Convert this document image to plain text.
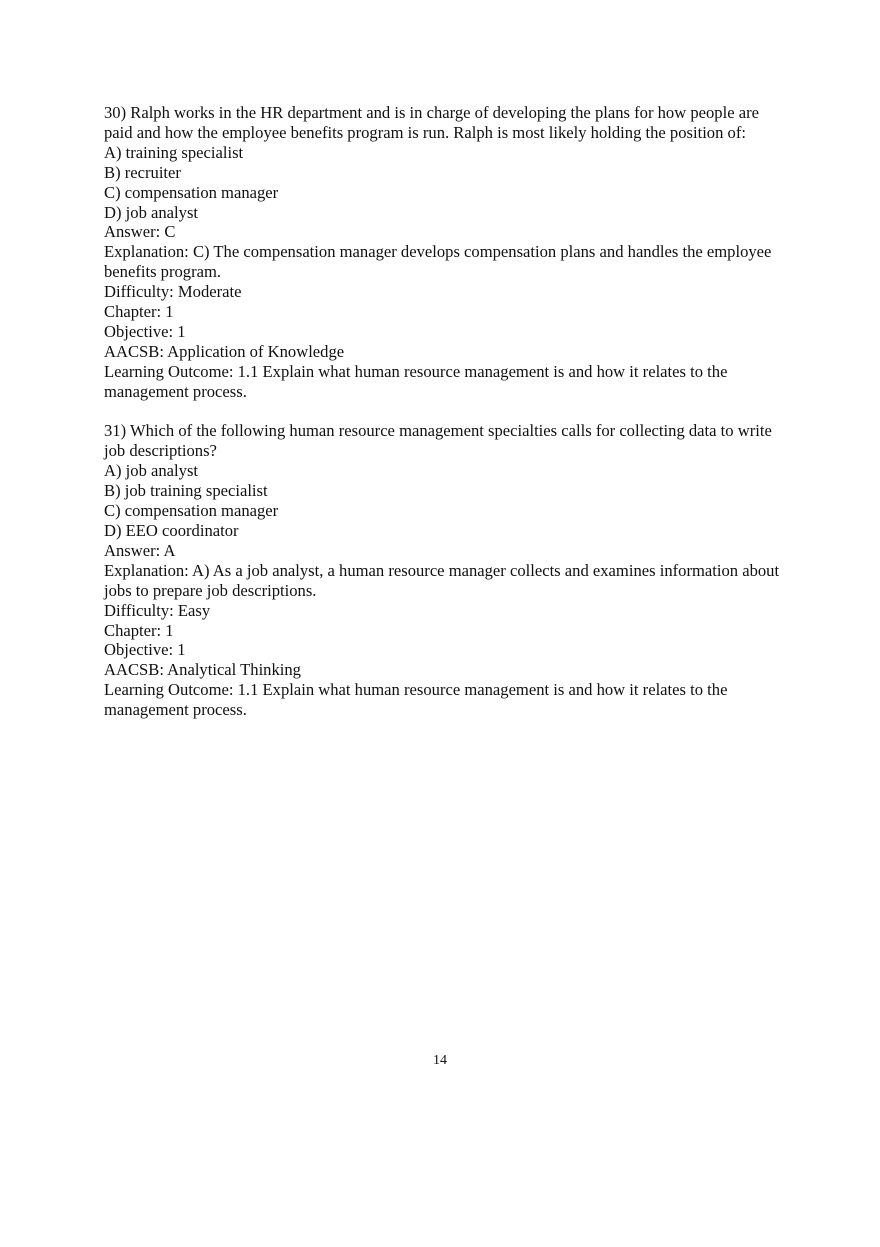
30) Ralph works in the HR department and is in charge of developing the plans for how people are paid and how the employee benefits program is run. Ralph is most likely holding the position of:
A) training specialist
B) recruiter
C) compensation manager
D) job analyst
Answer: C
Explanation: C) The compensation manager develops compensation plans and handles the employee benefits program.
Difficulty: Moderate
Chapter: 1
Objective: 1
AACSB: Application of Knowledge
Learning Outcome: 1.1 Explain what human resource management is and how it relates to the management process.
31) Which of the following human resource management specialties calls for collecting data to write job descriptions?
A) job analyst
B) job training specialist
C) compensation manager
D) EEO coordinator
Answer: A
Explanation: A) As a job analyst, a human resource manager collects and examines information about jobs to prepare job descriptions.
Difficulty: Easy
Chapter: 1
Objective: 1
AACSB: Analytical Thinking
Learning Outcome: 1.1 Explain what human resource management is and how it relates to the management process.
14
